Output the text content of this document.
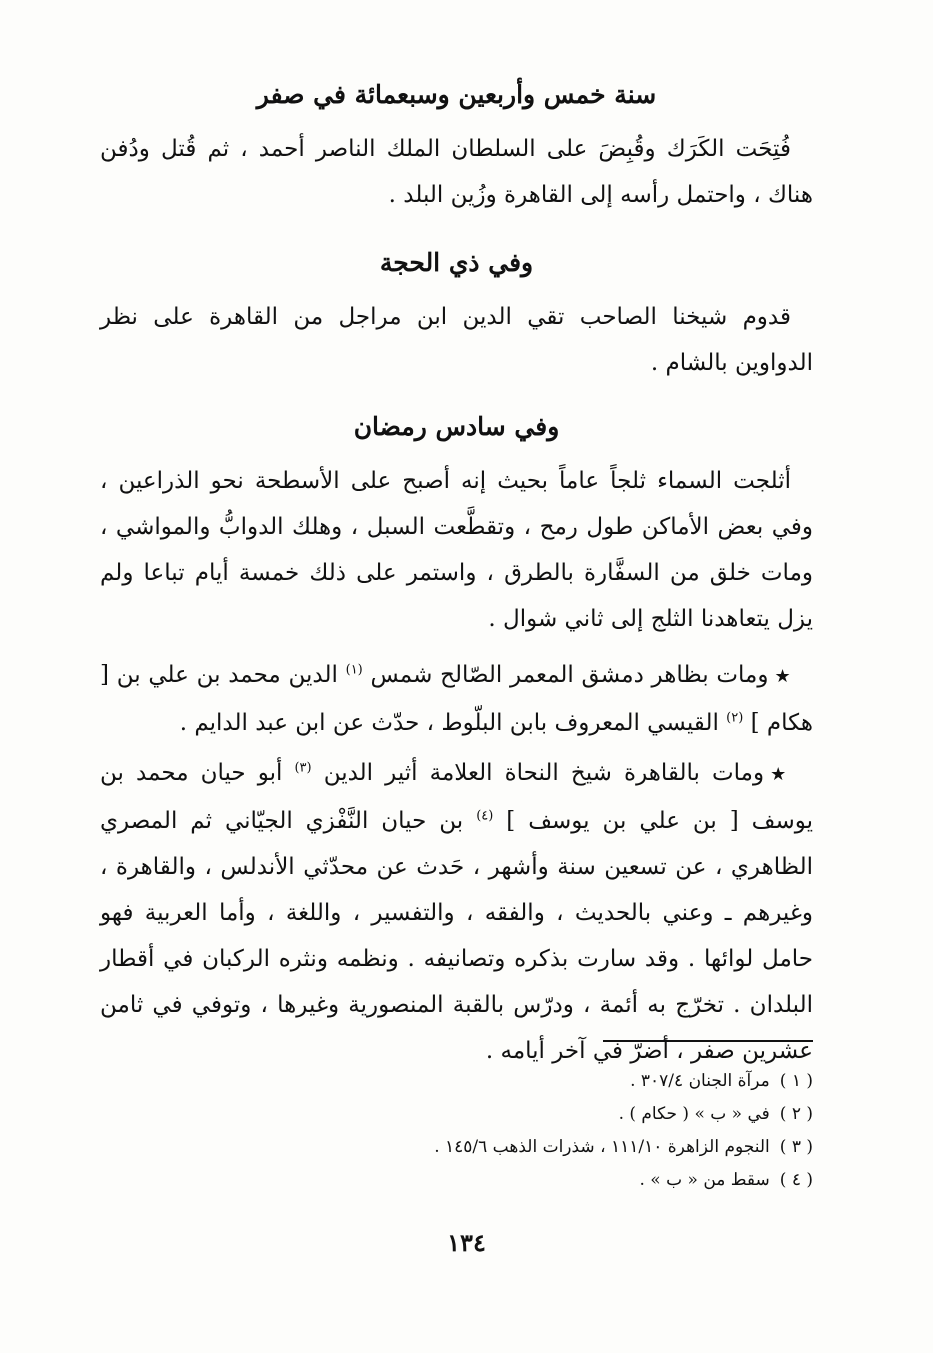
سنة خمس وأربعين وسبعمائة في صفر

فُتِحَت الكَرَك وقُبِضَ على السلطان الملك الناصر أحمد ، ثم قُتل ودُفن هناك ، واحتمل رأسه إلى القاهرة وزُين البلد .

وفي ذي الحجة

قدوم شيخنا الصاحب تقي الدين ابن مراجل من القاهرة على نظر الدواوين بالشام .

وفي سادس رمضان

أثلجت السماء ثلجاً عاماً بحيث إنه أصبح على الأسطحة نحو الذراعين ، وفي بعض الأماكن طول رمح ، وتقطَّعت السبل ، وهلك الدوابُّ والمواشي ، ومات خلق من السفَّارة بالطرق ، واستمر على ذلك خمسة أيام تباعا ولم يزل يتعاهدنا الثلج إلى ثاني شوال .

★ومات بظاهر دمشق المعمر الصّالح شمس $^{(١)}$ الدين محمد بن علي بن [ هكام ] $^{(٢)}$ القيسي المعروف بابن البلّوط ، حدّث عن ابن عبد الدايم .

★ومات بالقاهرة شيخ النحاة العلامة أثير الدين $^{(٣)}$ أبو حيان محمد بن يوسف [ بن علي بن يوسف ] $^{(٤)}$ بن حيان النَّفْزي الجيّاني ثم المصري الظاهري ، عن تسعين سنة وأشهر ، حَدث عن محدّثي الأندلس ، والقاهرة ، وغيرهم ـ وعني بالحديث ، والفقه ، والتفسير ، واللغة ، وأما العربية فهو حامل لوائها . وقد سارت بذكره وتصانيفه . ونظمه ونثره الركبان في أقطار البلدان . تخرّج به أئمة ، ودرّس بالقبة المنصورية وغيرها ، وتوفي في ثامن عشرين صفر ، أضرّ في آخر أيامه .

( ١ )مرآة الجنان ٣٠٧/٤ .
( ٢ )في « ب » ( حكام ) .
( ٣ )النجوم الزاهرة ١١١/١٠ ، شذرات الذهب ١٤٥/٦ .
( ٤ )سقط من « ب » .
١٣٤
